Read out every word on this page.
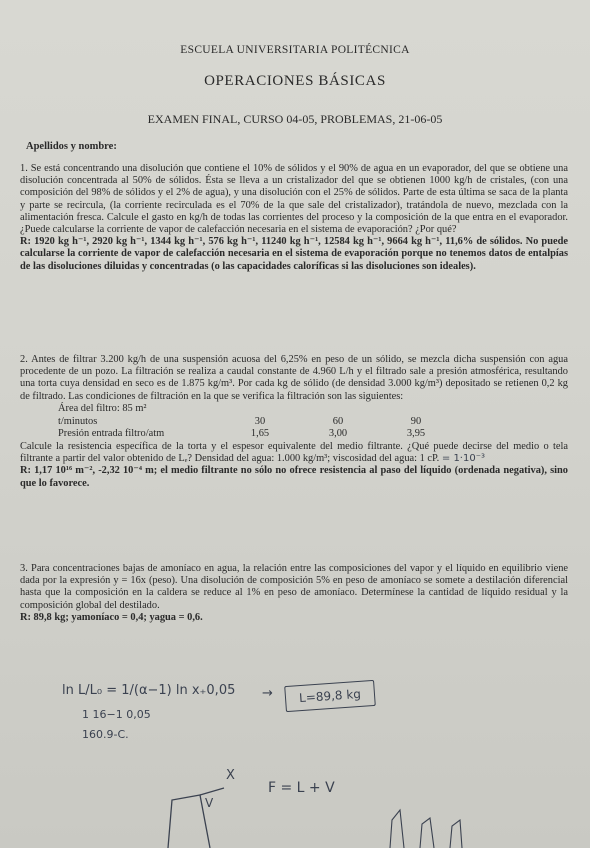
ESCUELA UNIVERSITARIA POLITÉCNICA
OPERACIONES BÁSICAS
EXAMEN FINAL, CURSO 04-05, PROBLEMAS, 21-06-05
Apellidos y nombre:
1. Se está concentrando una disolución que contiene el 10% de sólidos y el 90% de agua en un evaporador, del que se obtiene una disolución concentrada al 50% de sólidos. Ésta se lleva a un cristalizador del que se obtienen 1000 kg/h de cristales, (con una composición del 98% de sólidos y el 2% de agua), y una disolución con el 25% de sólidos. Parte de esta última se saca de la planta y parte se recircula, (la corriente recirculada es el 70% de la que sale del cristalizador), tratándola de nuevo, mezclada con la alimentación fresca. Calcule el gasto en kg/h de todas las corrientes del proceso y la composición de la que entra en el evaporador. ¿Puede calcularse la corriente de vapor de calefacción necesaria en el sistema de evaporación? ¿Por qué?
R: 1920 kg h⁻¹, 2920 kg h⁻¹, 1344 kg h⁻¹, 576 kg h⁻¹, 11240 kg h⁻¹, 12584 kg h⁻¹, 9664 kg h⁻¹, 11,6% de sólidos. No puede calcularse la corriente de vapor de calefacción necesaria en el sistema de evaporación porque no tenemos datos de entalpías de las disoluciones diluidas y concentradas (o las capacidades caloríficas si las disoluciones son ideales).
2. Antes de filtrar 3.200 kg/h de una suspensión acuosa del 6,25% en peso de un sólido, se mezcla dicha suspensión con agua procedente de un pozo. La filtración se realiza a caudal constante de 4.960 L/h y el filtrado sale a presión atmosférica, resultando una torta cuya densidad en seco es de 1.875 kg/m³. Por cada kg de sólido (de densidad 3.000 kg/m³) depositado se retienen 0,2 kg de filtrado. Las condiciones de filtración en la que se verifica la filtración son las siguientes:
Área del filtro: 85 m²
t/minutos	30	60	90
Presión entrada filtro/atm	1,65	3,00	3,95
Calcule la resistencia específica de la torta y el espesor equivalente del medio filtrante. ¿Qué puede decirse del medio o tela filtrante a partir del valor obtenido de Lₑ? Densidad del agua: 1.000 kg/m³; viscosidad del agua: 1 cP. = 1·10⁻³
R: 1,17 10¹⁶ m⁻², -2,32 10⁻⁴ m; el medio filtrante no sólo no ofrece resistencia al paso del líquido (ordenada negativa), sino que lo favorece.
3. Para concentraciones bajas de amoníaco en agua, la relación entre las composiciones del vapor y el líquido en equilibrio viene dada por la expresión y = 16x (peso). Una disolución de composición 5% en peso de amoníaco se somete a destilación diferencial hasta que la composición en la caldera se reduce al 1% en peso de amoníaco. Determínese la cantidad de líquido residual y la composición global del destilado.
R: 89,8 kg; yamoníaco = 0,4; yagua = 0,6.
ln L/L₀ = 1/(α−1) ln x₊0,05
1 16−1 0,05
→	L=89,8 kg
160.9-C.
F = L + V
X
V
